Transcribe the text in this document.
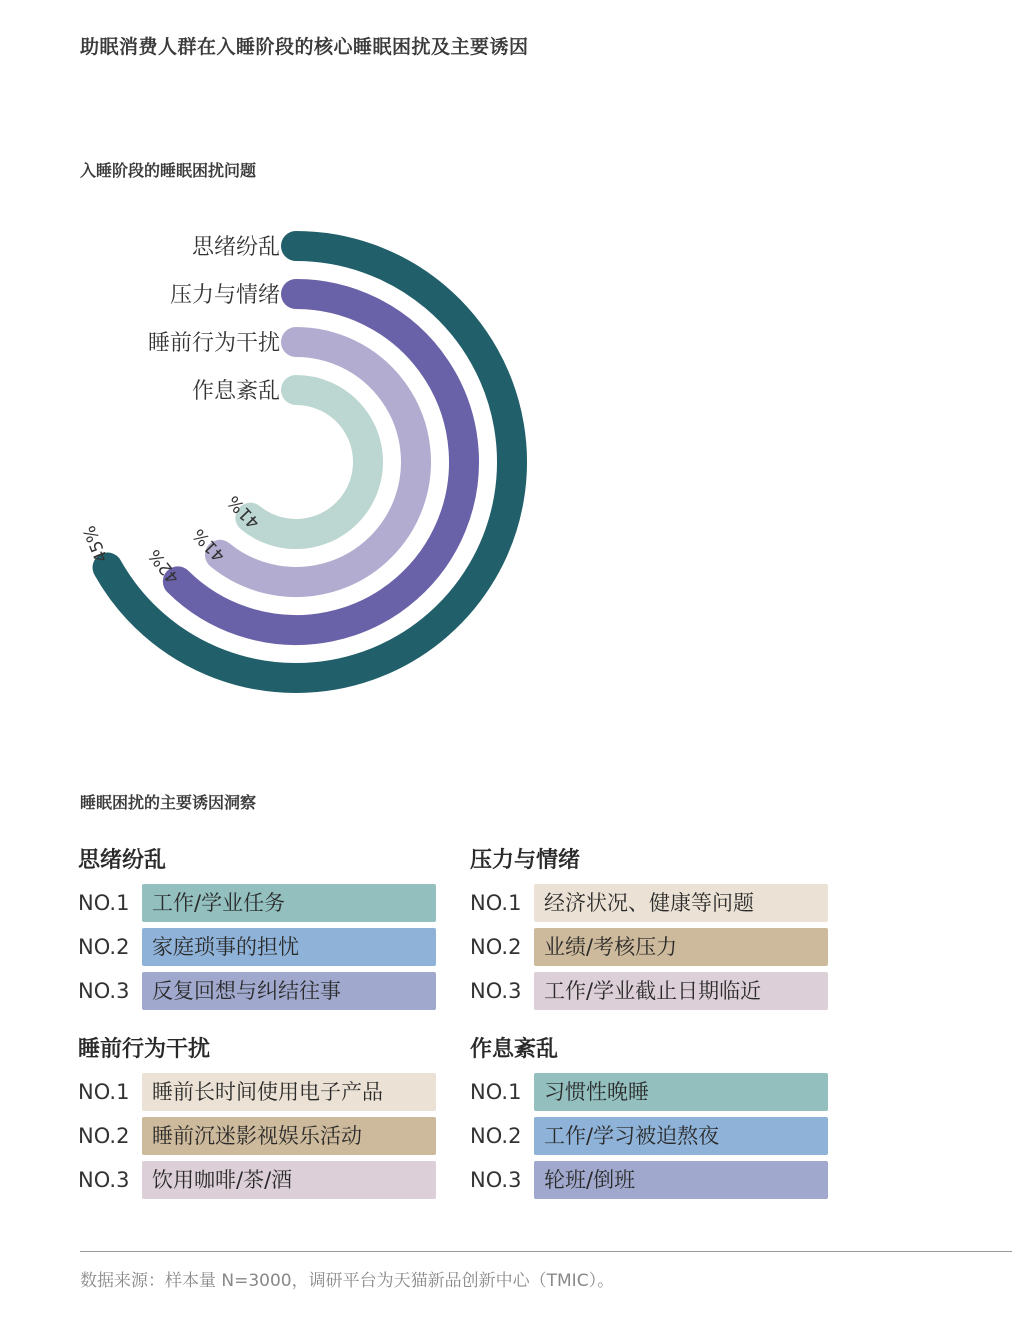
助眠消费人群在入睡阶段的核心睡眠困扰及主要诱因
入睡阶段的睡眠困扰问题
思绪纷乱
45%
压力与情绪
42%
睡前行为干扰
41%
作息紊乱
41%
睡眠困扰的主要诱因洞察
思绪纷乱
NO.1	工作/学业任务
NO.2	家庭琐事的担忧
NO.3	反复回想与纠结往事
压力与情绪
NO.1	经济状况、健康等问题
NO.2	业绩/考核压力
NO.3	工作/学业截止日期临近
睡前行为干扰
NO.1	睡前长时间使用电子产品
NO.2	睡前沉迷影视娱乐活动
NO.3	饮用咖啡/茶/酒
作息紊乱
NO.1	习惯性晚睡
NO.2	工作/学习被迫熬夜
NO.3	轮班/倒班
数据来源：样本量 N=3000，调研平台为天猫新品创新中心（TMIC）。
